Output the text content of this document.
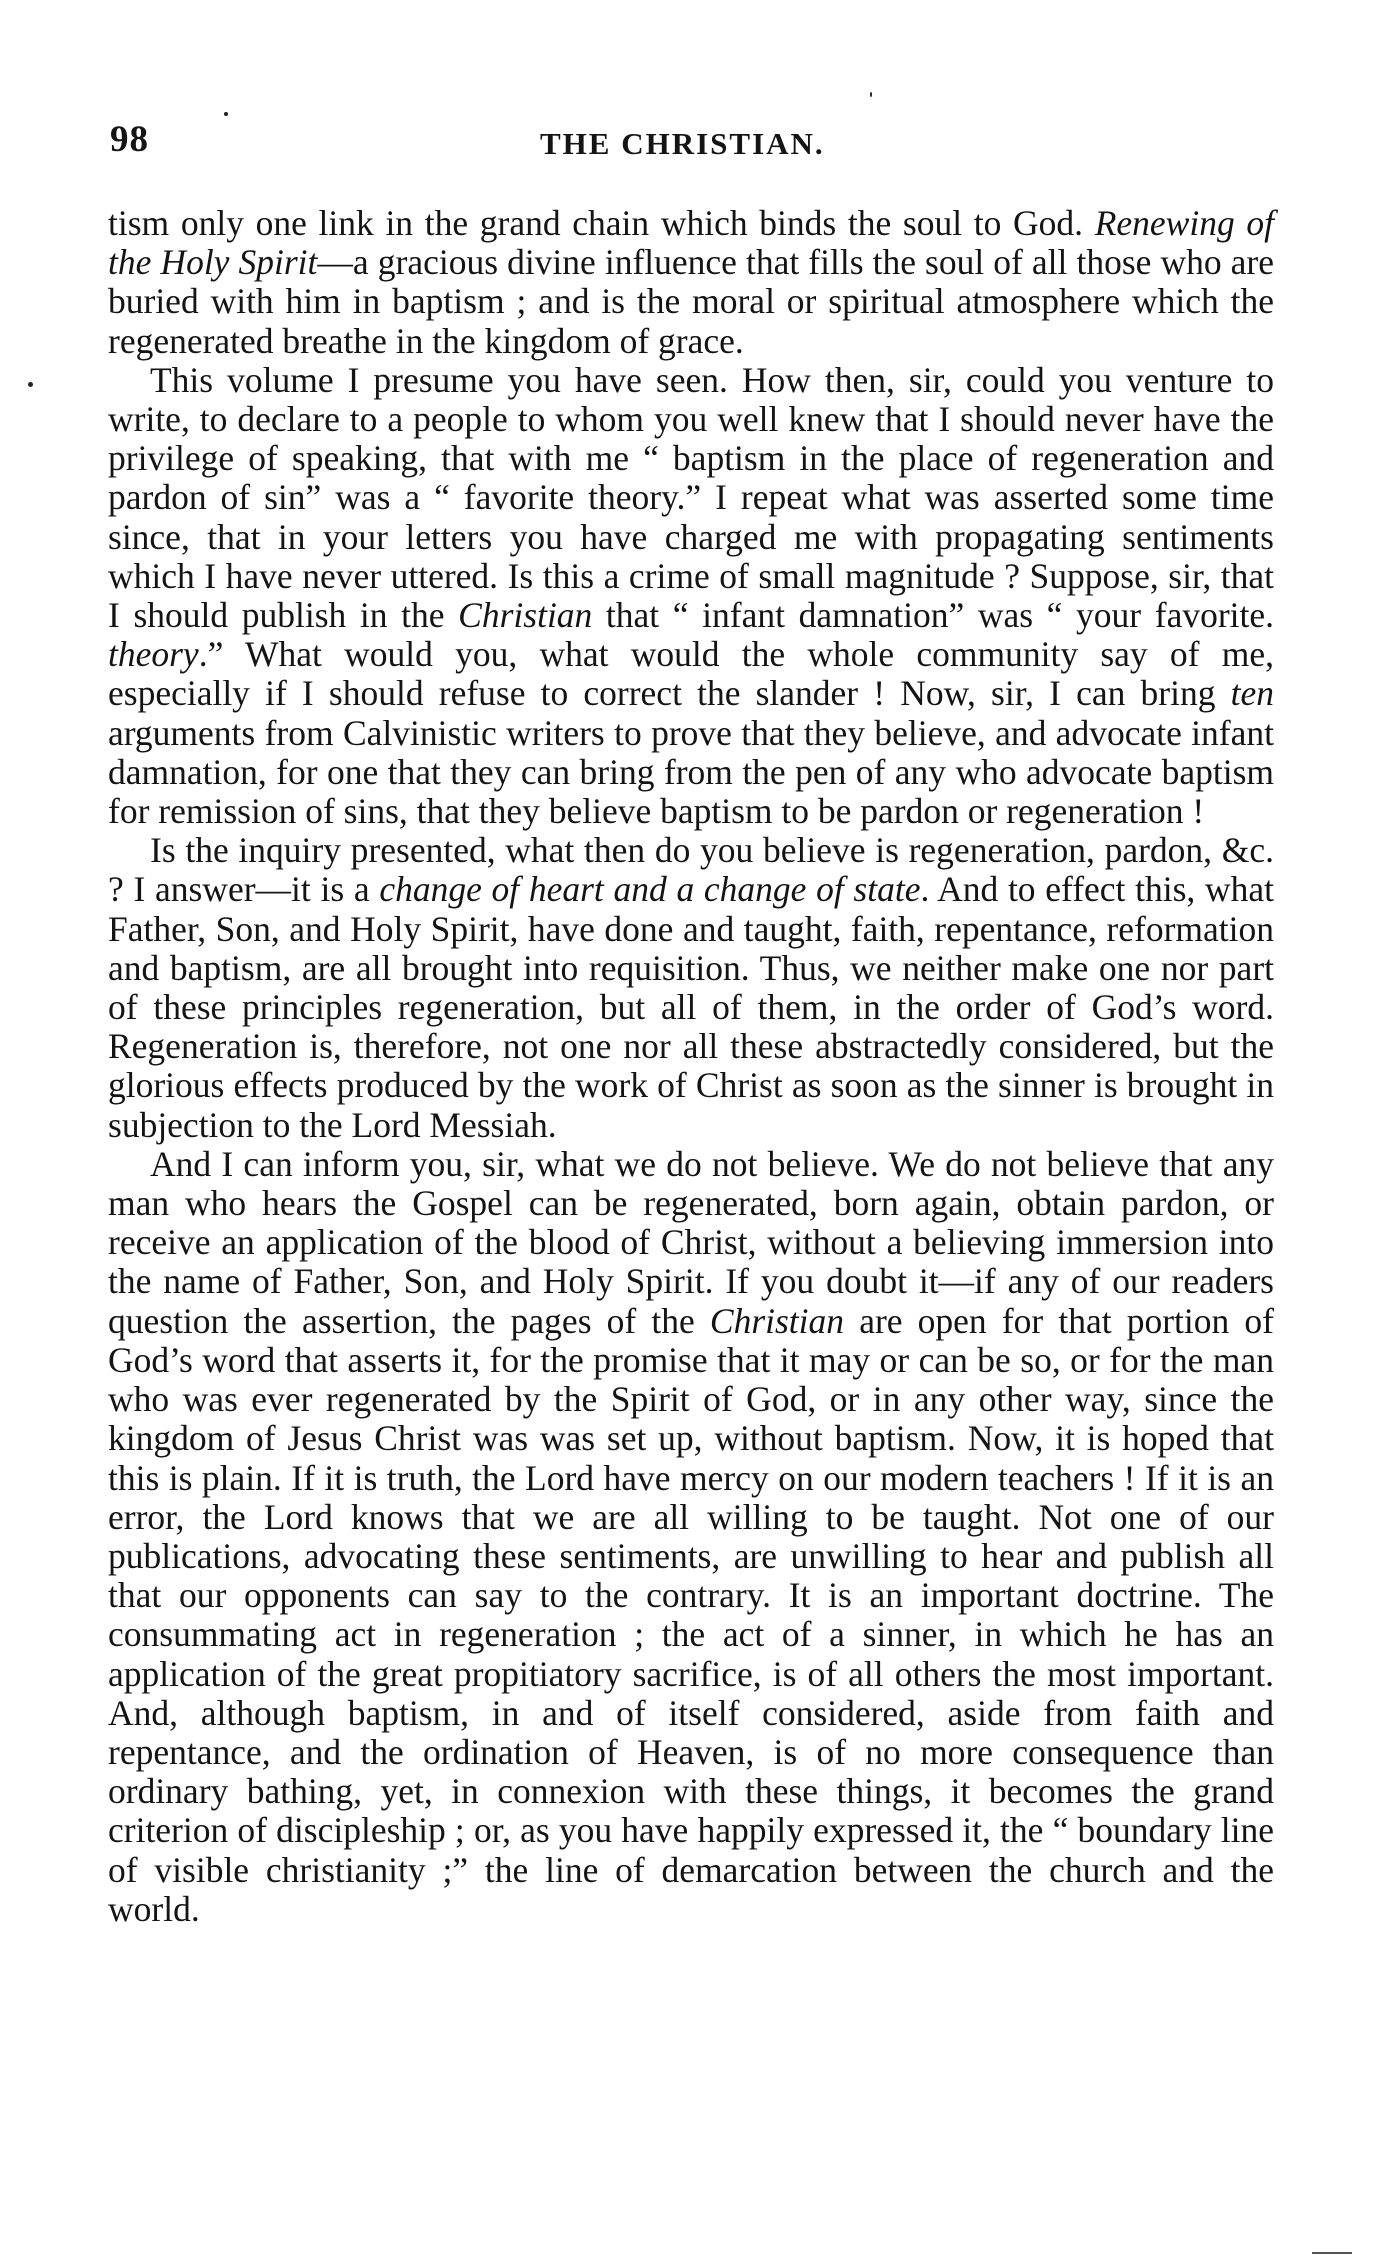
98	THE CHRISTIAN.

tism only one link in the grand chain which binds the soul to God. Renewing of the Holy Spirit—a gracious divine influence that fills the soul of all those who are buried with him in baptism ; and is the moral or spiritual atmosphere which the regenerated breathe in the kingdom of grace.

This volume I presume you have seen. How then, sir, could you venture to write, to declare to a people to whom you well knew that I should never have the privilege of speaking, that with me “ baptism in the place of regeneration and pardon of sin” was a “ favorite theory.” I repeat what was asserted some time since, that in your letters you have charged me with propagating sentiments which I have never uttered. Is this a crime of small magnitude ? Suppose, sir, that I should publish in the Christian that “ infant damnation” was “ your favorite. theory.” What would you, what would the whole community say of me, especially if I should refuse to correct the slander ! Now, sir, I can bring ten arguments from Calvinistic writers to prove that they believe, and advocate infant damnation, for one that they can bring from the pen of any who advocate baptism for remission of sins, that they believe baptism to be pardon or regeneration !

Is the inquiry presented, what then do you believe is regeneration, pardon, &c. ? I answer—it is a change of heart and a change of state. And to effect this, what Father, Son, and Holy Spirit, have done and taught, faith, repentance, reformation and baptism, are all brought into requisition. Thus, we neither make one nor part of these principles regeneration, but all of them, in the order of God’s word. Regeneration is, therefore, not one nor all these abstractedly considered, but the glorious effects produced by the work of Christ as soon as the sinner is brought in subjection to the Lord Messiah.

And I can inform you, sir, what we do not believe. We do not believe that any man who hears the Gospel can be regenerated, born again, obtain pardon, or receive an application of the blood of Christ, without a believing immersion into the name of Father, Son, and Holy Spirit. If you doubt it—if any of our readers question the assertion, the pages of the Christian are open for that portion of God’s word that asserts it, for the promise that it may or can be so, or for the man who was ever regenerated by the Spirit of God, or in any other way, since the kingdom of Jesus Christ was was set up, without baptism. Now, it is hoped that this is plain. If it is truth, the Lord have mercy on our modern teachers ! If it is an error, the Lord knows that we are all willing to be taught. Not one of our publications, advocating these sentiments, are unwilling to hear and publish all that our opponents can say to the contrary. It is an important doctrine. The consummating act in regeneration ; the act of a sinner, in which he has an application of the great propitiatory sacrifice, is of all others the most important. And, although baptism, in and of itself considered, aside from faith and repentance, and the ordination of Heaven, is of no more consequence than ordinary bathing, yet, in connexion with these things, it becomes the grand criterion of discipleship ; or, as you have happily expressed it, the “ boundary line of visible christianity ;” the line of demarcation between the church and the world.
